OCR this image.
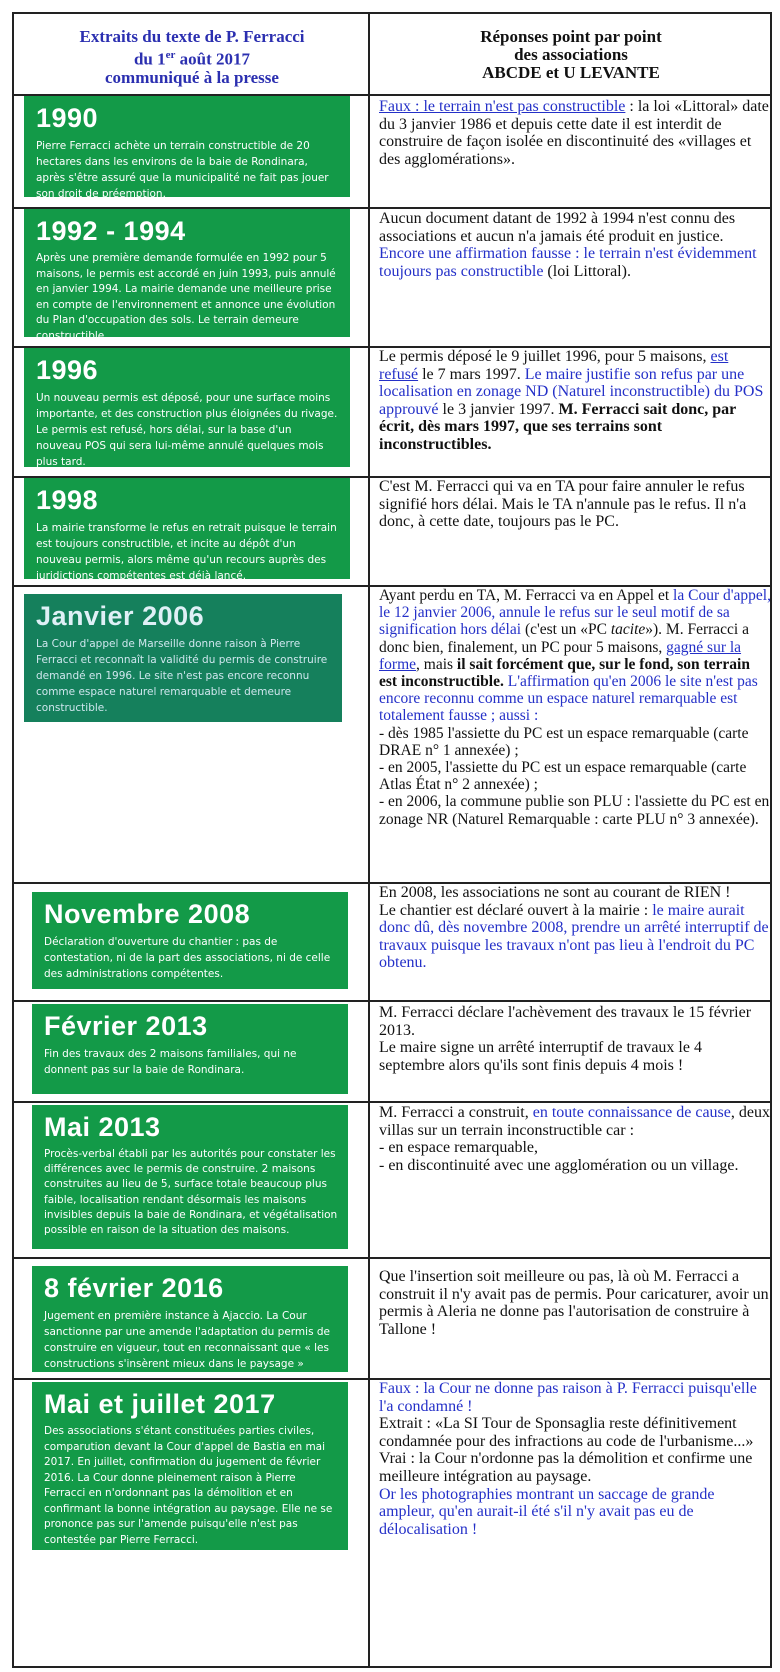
Extraits du texte de P. Ferracci
du 1er août 2017
communiqué à la presse
Réponses point par point
des associations
ABCDE et U LEVANTE
1990
Pierre Ferracci achète un terrain constructible de 20 hectares dans les environs de la baie de Rondinara, après s'être assuré que la municipalité ne fait pas jouer son droit de préemption.

Faux : le terrain n'est pas constructible : la loi «Littoral» date du 3 janvier 1986 et depuis cette date il est interdit de construire de façon isolée en discontinuité des «villages et des agglomérations».

1992 - 1994
Après une première demande formulée en 1992 pour 5 maisons, le permis est accordé en juin 1993, puis annulé en janvier 1994. La mairie demande une meilleure prise en compte de l'environnement et annonce une évolution du Plan d'occupation des sols. Le terrain demeure constructible.

Aucun document datant de 1992 à 1994 n'est connu des associations et aucun n'a jamais été produit en justice.

Encore une affirmation fausse : le terrain n'est évidemment toujours pas constructible (loi Littoral).

1996
Un nouveau permis est déposé, pour une surface moins importante, et des construction plus éloignées du rivage. Le permis est refusé, hors délai, sur la base d'un nouveau POS qui sera lui-même annulé quelques mois plus tard.

Le permis déposé le 9 juillet 1996, pour 5 maisons, est refusé le 7 mars 1997. Le maire justifie son refus par une localisation en zonage ND (Naturel inconstructible) du POS approuvé le 3 janvier 1997. M. Ferracci sait donc, par écrit, dès mars 1997, que ses terrains sont inconstructibles.

1998
La mairie transforme le refus en retrait puisque le terrain est toujours constructible, et incite au dépôt d'un nouveau permis, alors même qu'un recours auprès des juridictions compétentes est déjà lancé.

C'est M. Ferracci qui va en TA pour faire annuler le refus signifié hors délai. Mais le TA n'annule pas le refus. Il n'a donc, à cette date, toujours pas le PC.

Janvier 2006
La Cour d'appel de Marseille donne raison à Pierre Ferracci et reconnaît la validité du permis de construire demandé en 1996. Le site n'est pas encore reconnu comme espace naturel remarquable et demeure constructible.

Ayant perdu en TA, M. Ferracci va en Appel et la Cour d'appel, le 12 janvier 2006, annule le refus sur le seul motif de sa signification hors délai (c'est un «PC tacite»). M. Ferracci a donc bien, finalement, un PC pour 5 maisons, gagné sur la forme, mais il sait forcément que, sur le fond, son terrain est inconstructible. L'affirmation qu'en 2006 le site n'est pas encore reconnu comme un espace naturel remarquable est totalement fausse ; aussi :

- dès 1985 l'assiette du PC est un espace remarquable (carte DRAE n° 1 annexée) ;

- en 2005, l'assiette du PC est un espace remarquable (carte Atlas État n° 2 annexée) ;

- en 2006, la commune publie son PLU : l'assiette du PC est en zonage NR (Naturel Remarquable : carte PLU n° 3 annexée).

Novembre 2008
Déclaration d'ouverture du chantier : pas de contestation, ni de la part des associations, ni de celle des administrations compétentes.

En 2008, les associations ne sont au courant de RIEN !

Le chantier est déclaré ouvert à la mairie : le maire aurait donc dû, dès novembre 2008, prendre un arrêté interruptif de travaux puisque les travaux n'ont pas lieu à l'endroit du PC obtenu.

Février 2013
Fin des travaux des 2 maisons familiales, qui ne donnent pas sur la baie de Rondinara.

M. Ferracci déclare l'achèvement des travaux le 15 février 2013.

Le maire signe un arrêté interruptif de travaux le 4 septembre alors qu'ils sont finis depuis 4 mois !

Mai 2013
Procès-verbal établi par les autorités pour constater les différences avec le permis de construire. 2 maisons construites au lieu de 5, surface totale beaucoup plus faible, localisation rendant désormais les maisons invisibles depuis la baie de Rondinara, et végétalisation possible en raison de la situation des maisons.

M. Ferracci a construit, en toute connaissance de cause, deux villas sur un terrain inconstructible car :

- en espace remarquable,

- en discontinuité avec une agglomération ou un village.

8 février 2016
Jugement en première instance à Ajaccio. La Cour sanctionne par une amende l'adaptation du permis de construire en vigueur, tout en reconnaissant que « les constructions s'insèrent mieux dans le paysage »

Que l'insertion soit meilleure ou pas, là où M. Ferracci a construit il n'y avait pas de permis. Pour caricaturer, avoir un permis à Aleria ne donne pas l'autorisation de construire à Tallone !

Mai et juillet 2017
Des associations s'étant constituées parties civiles, comparution devant la Cour d'appel de Bastia en mai 2017. En juillet, confirmation du jugement de février 2016. La Cour donne pleinement raison à Pierre Ferracci en n'ordonnant pas la démolition et en confirmant la bonne intégration au paysage. Elle ne se prononce pas sur l'amende puisqu'elle n'est pas contestée par Pierre Ferracci.

Faux : la Cour ne donne pas raison à P. Ferracci puisqu'elle l'a condamné !

Extrait : «La SI Tour de Sponsaglia reste définitivement condamnée pour des infractions au code de l'urbanisme...»

Vrai : la Cour n'ordonne pas la démolition et confirme une meilleure intégration au paysage.

Or les photographies montrant un saccage de grande ampleur, qu'en aurait-il été s'il n'y avait pas eu de délocalisation !
